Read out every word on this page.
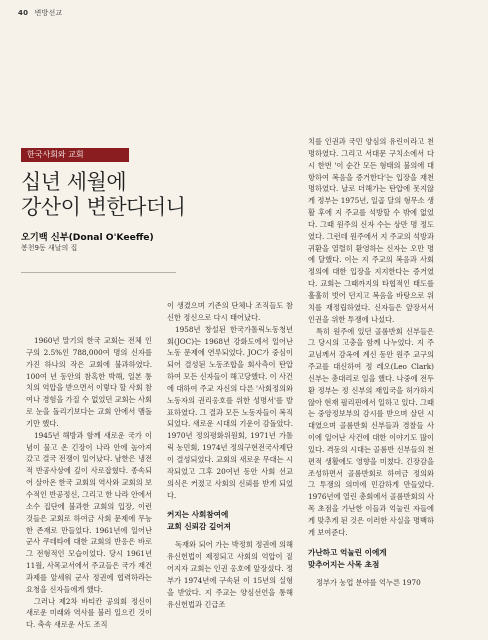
40 변방선교
한국사회와 교회
십년 세월에
강산이 변한다더니
오기백 신부(Donal O'Keeffe)
봉천9동 새날의 집

1960년 말기의 한국 교회는 전체 인구의 2.5%인 788,000여 명의 신자를 가진 하나의 작은 교회에 불과하였다. 100여 년 동안의 참혹한 박해, 일본 통치의 억압을 받으면서 이렇다 할 사회 참여나 경험을 가질 수 없었던 교회는 사회로 눈을 돌리기보다는 교회 안에서 맴돌기만 했다.

1945년 해방과 함께 새로운 국가 이념이 물고 온 긴장이 나라 안에 높아져 갔고 결국 전쟁이 일어났다. 남한은 냉전적 반공사상에 깊이 사로잡혔다. 종속되어 살아온 한국 교회의 역사와 교회의 보수적인 반공정신, 그리고 한 나라 안에서 소수 집단에 불과한 교회의 입장, 이런 것들은 교회로 하여금 사회 문제에 무능한 존재로 만들었다. 1961년에 일어난 군사 쿠데타에 대한 교회의 반응은 바로 그 전형적인 모습이었다. 당시 1961년 11월, 사목교서에서 주교들은 국가 재건 과제를 앞세워 군사 정권에 협력하라는 요청을 신자들에게 했다.

그러나 제2차 바티칸 공의회 정신이 새로운 미래와 역사를 불러 일으킨 것이다. 축속 새로운 사도 조직

이 생겼으며 기존의 단체나 조직들도 참신한 정신으로 다시 태어났다.

1958년 창설된 한국가톨릭노동청년회(JOC)는 1968년 강화도에서 일어난 노동 문제에 연루되었다. JOC가 중심이 되어 결성된 노동조합을 회사측이 탄압하여 모든 신자들이 해고당했다. 이 사건에 대하여 주교 자신의 다른 '사회정의와 노동자의 권리옹호를 위한 성명서'를 발표하였다. 그 결과 모든 노동자들이 복직되었다. 새로운 시대의 기운이 감돌았다. 1970년 정의평화위원회, 1971년 가톨릭 농민회, 1974년 정의구현전국사제단이 결성되었다. 교회의 새로운 무대는 시작되었고 그후 20여년 동안 사회 선교 의식은 커졌고 사회의 신뢰를 받게 되었다.

커지는 사회참여에
교회 신뢰감 깊어져

독재와 되어 가는 박정희 정권에 의해 유신헌법이 제정되고 사회의 억압이 짙어지자 교회는 인권 옹호에 앞장섰다. 정부가 1974년에 구속된 이 15년의 실형을 받았다. 지 주교는 양심선언을 통해 유신헌법과 긴급조

치를 인권과 국민 양심의 유린이라고 천명하였다. 그리고 서대문 구치소에서 다시 한번 '이 순간 모든 형태의 불의에 대항하여 복음을 증거한다'는 입장을 재천명하였다. 날로 더해가는 탄압에 못지않게 정부는 1975년, 일곱 달의 형무소 생활 후에 지 주교를 석방할 수 밖에 없었다. 그때 원주의 신자 수는 상만 명 정도였다. 그런데 원주에서 지 주교의 석방과 귀환을 열렬히 환영하는 신자는 오만 명에 달했다. 이는 지 주교의 복음과 사회정의에 대한 입장을 지지한다는 증거였다. 교회는 그때까지의 타협적인 태도를 훌훌히 벗어 던지고 복음을 바탕으로 위치를 재정립하였다. 신자들은 앞장서서 인권을 위한 투쟁에 나섰다.

특히 원주에 있던 골롬반회 신부들은 그 당시의 고충을 함께 나누었다. 지 주교님께서 감옥에 계신 동안 원주 교구의 주교를 대신하여 정 레오(Leo Clark) 신부는 총대리로 일을 했다. 나중에 전두환 정부는 정 신부의 재입국을 허가하지 않아 현재 필리핀에서 일하고 있다. 그때는 중앙정보부의 감시를 받으며 살던 시대였으며 골롬반회 신부들과 경찰들 사이에 일어난 사건에 대한 이야기도 많이 있다. 격동의 시대는 골롬반 신부들의 천편적 생활에도 영향을 미쳤다. 긴장감을 조성하면서 골롬반회로 하여금 정의와 그 투쟁의 의미에 민감하게 만들었다. 1976년에 열린 총회에서 골롬반회의 사목 초점을 가난한 이들과 억눌린 자들에게 맞추게 된 것은 이러한 사실을 명백하게 보여준다.

가난하고 억눌린 이에게
맞추어지는 사목 초점

정부가 농업 분야를 억누른 1970
